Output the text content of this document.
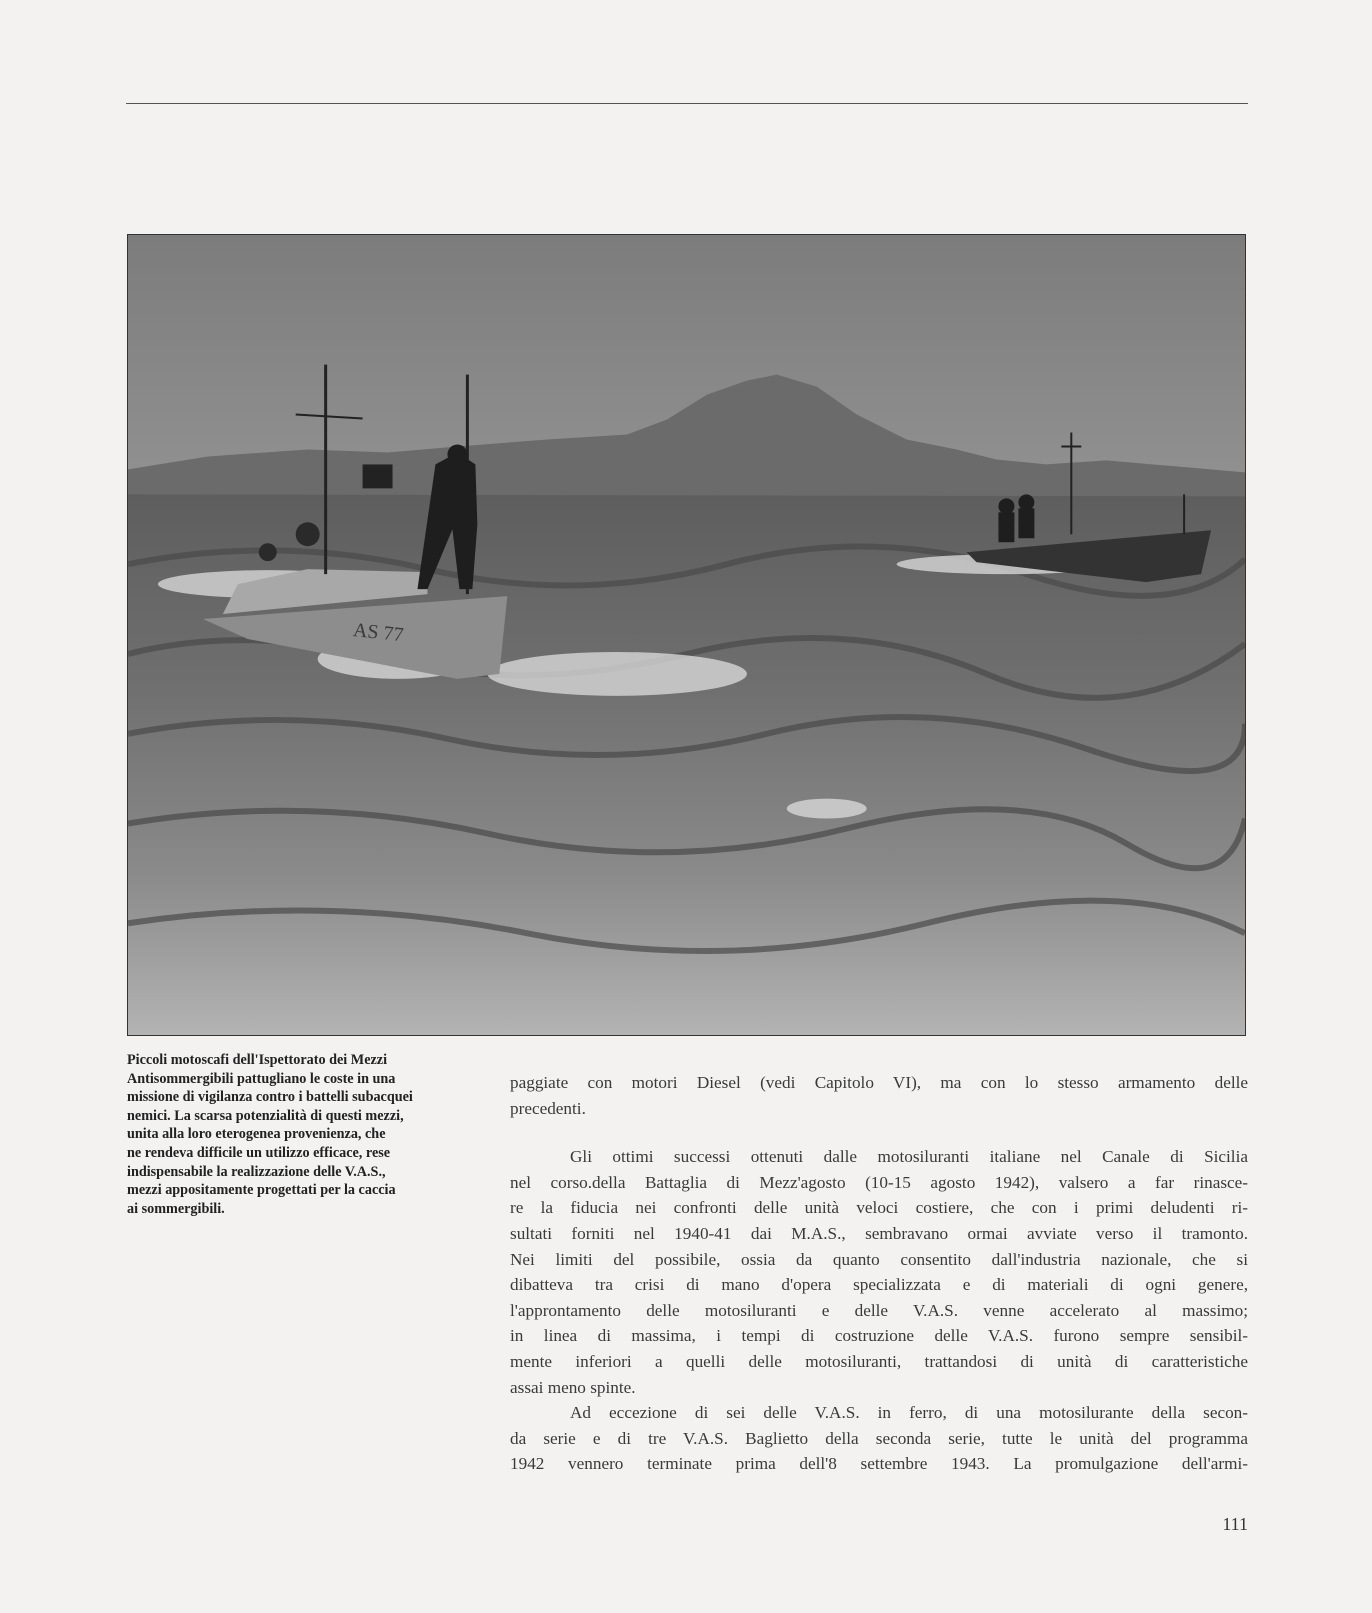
AS 77
Piccoli motoscafi dell'Ispettorato dei Mezzi
Antisommergibili pattugliano le coste in una
missione di vigilanza contro i battelli subacquei
nemici. La scarsa potenzialità di questi mezzi,
unita alla loro eterogenea provenienza, che
ne rendeva difficile un utilizzo efficace, rese
indispensabile la realizzazione delle V.A.S.,
mezzi appositamente progettati per la caccia
ai sommergibili.

paggiate con motori Diesel (vedi Capitolo VI), ma con lo stesso armamento delle
precedenti.

Gli ottimi successi ottenuti dalle motosiluranti italiane nel Canale di Sicilia
nel corso.della Battaglia di Mezz'agosto (10-15 agosto 1942), valsero a far rinasce-
re la fiducia nei confronti delle unità veloci costiere, che con i primi deludenti ri-
sultati forniti nel 1940-41 dai M.A.S., sembravano ormai avviate verso il tramonto.
Nei limiti del possibile, ossia da quanto consentito dall'industria nazionale, che si
dibatteva tra crisi di mano d'opera specializzata e di materiali di ogni genere,
l'approntamento delle motosiluranti e delle V.A.S. venne accelerato al massimo;
in linea di massima, i tempi di costruzione delle V.A.S. furono sempre sensibil-
mente inferiori a quelli delle motosiluranti, trattandosi di unità di caratteristiche
assai meno spinte.

Ad eccezione di sei delle V.A.S. in ferro, di una motosilurante della secon-
da serie e di tre V.A.S. Baglietto della seconda serie, tutte le unità del programma
1942 vennero terminate prima dell'8 settembre 1943. La promulgazione dell'armi-

111
